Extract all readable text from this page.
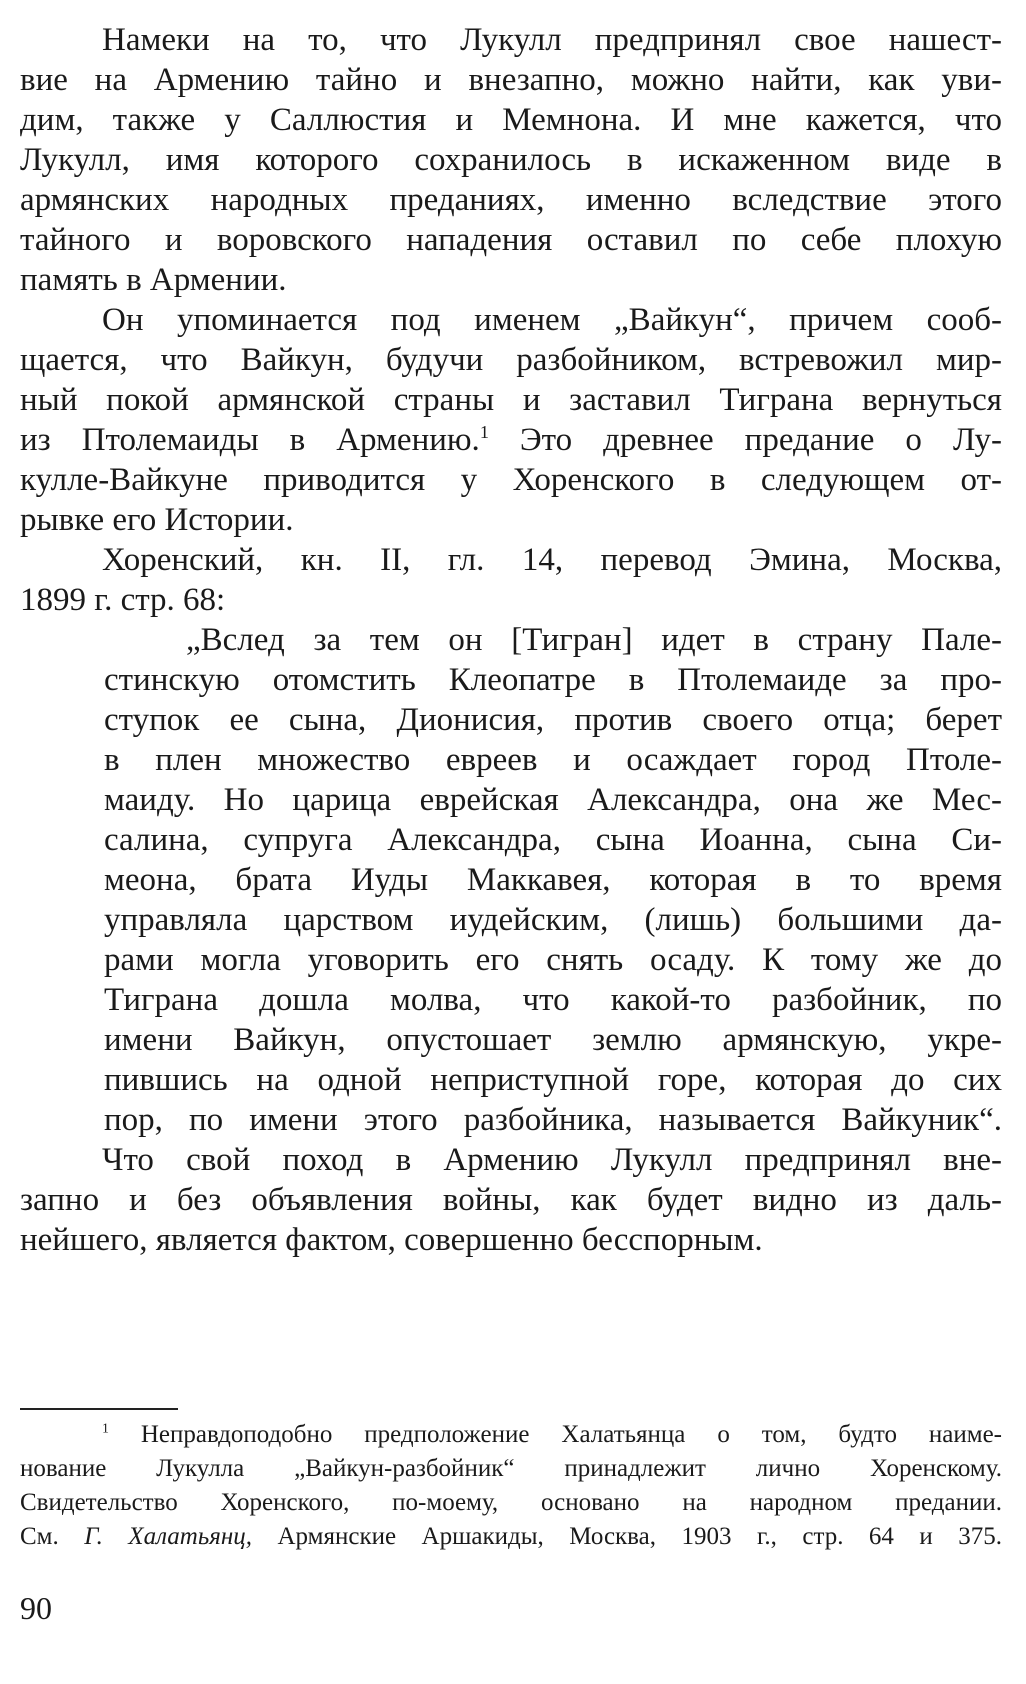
Намеки на то, что Лукулл предпринял свое нашест-
вие на Армению тайно и внезапно, можно найти, как уви-
дим, также у Саллюстия и Мемнона. И мне кажется, что
Лукулл, имя которого сохранилось в искаженном виде в
армянских народных преданиях, именно вследствие этого
тайного и воровского нападения оставил по себе плохую
память в Армении.
Он упоминается под именем „Вайкун“, причем сооб-
щается, что Вайкун, будучи разбойником, встревожил мир-
ный покой армянской страны и заставил Тиграна вернуться
из Птолемаиды в Армению.$^1$ Это древнее предание о Лу-
кулле-Вайкуне приводится у Хоренского в следующем от-
рывке его Истории.
Хоренский, кн. II, гл. 14, перевод Эмина, Москва,
1899 г. стр. 68:
„Вслед за тем он [Тигран] идет в страну Пале-
стинскую отомстить Клеопатре в Птолемаиде за про-
ступок ее сына, Дионисия, против своего отца; берет
в плен множество евреев и осаждает город Птоле-
маиду. Но царица еврейская Александра, она же Мес-
салина, супруга Александра, сына Иоанна, сына Си-
меона, брата Иуды Маккавея, которая в то время
управляла царством иудейским, (лишь) большими да-
рами могла уговорить его снять осаду. К тому же до
Тиграна дошла молва, что какой-то разбойник, по
имени Вайкун, опустошает землю армянскую, укре-
пившись на одной неприступной горе, которая до сих
пор, по имени этого разбойника, называется Вайкуник“.
Что свой поход в Армению Лукулл предпринял вне-
запно и без объявления войны, как будет видно из даль-
нейшего, является фактом, совершенно бесспорным.
$^1$ Неправдоподобно предположение Халатьянца о том, будто наиме-
нование Лукулла „Вайкун-разбойник“ принадлежит лично Хоренскому.
Свидетельство Хоренского, по-моему, основано на народном предании.
См. Г. Халатьянц, Армянские Аршакиды, Москва, 1903 г., стр. 64 и 375.
90
